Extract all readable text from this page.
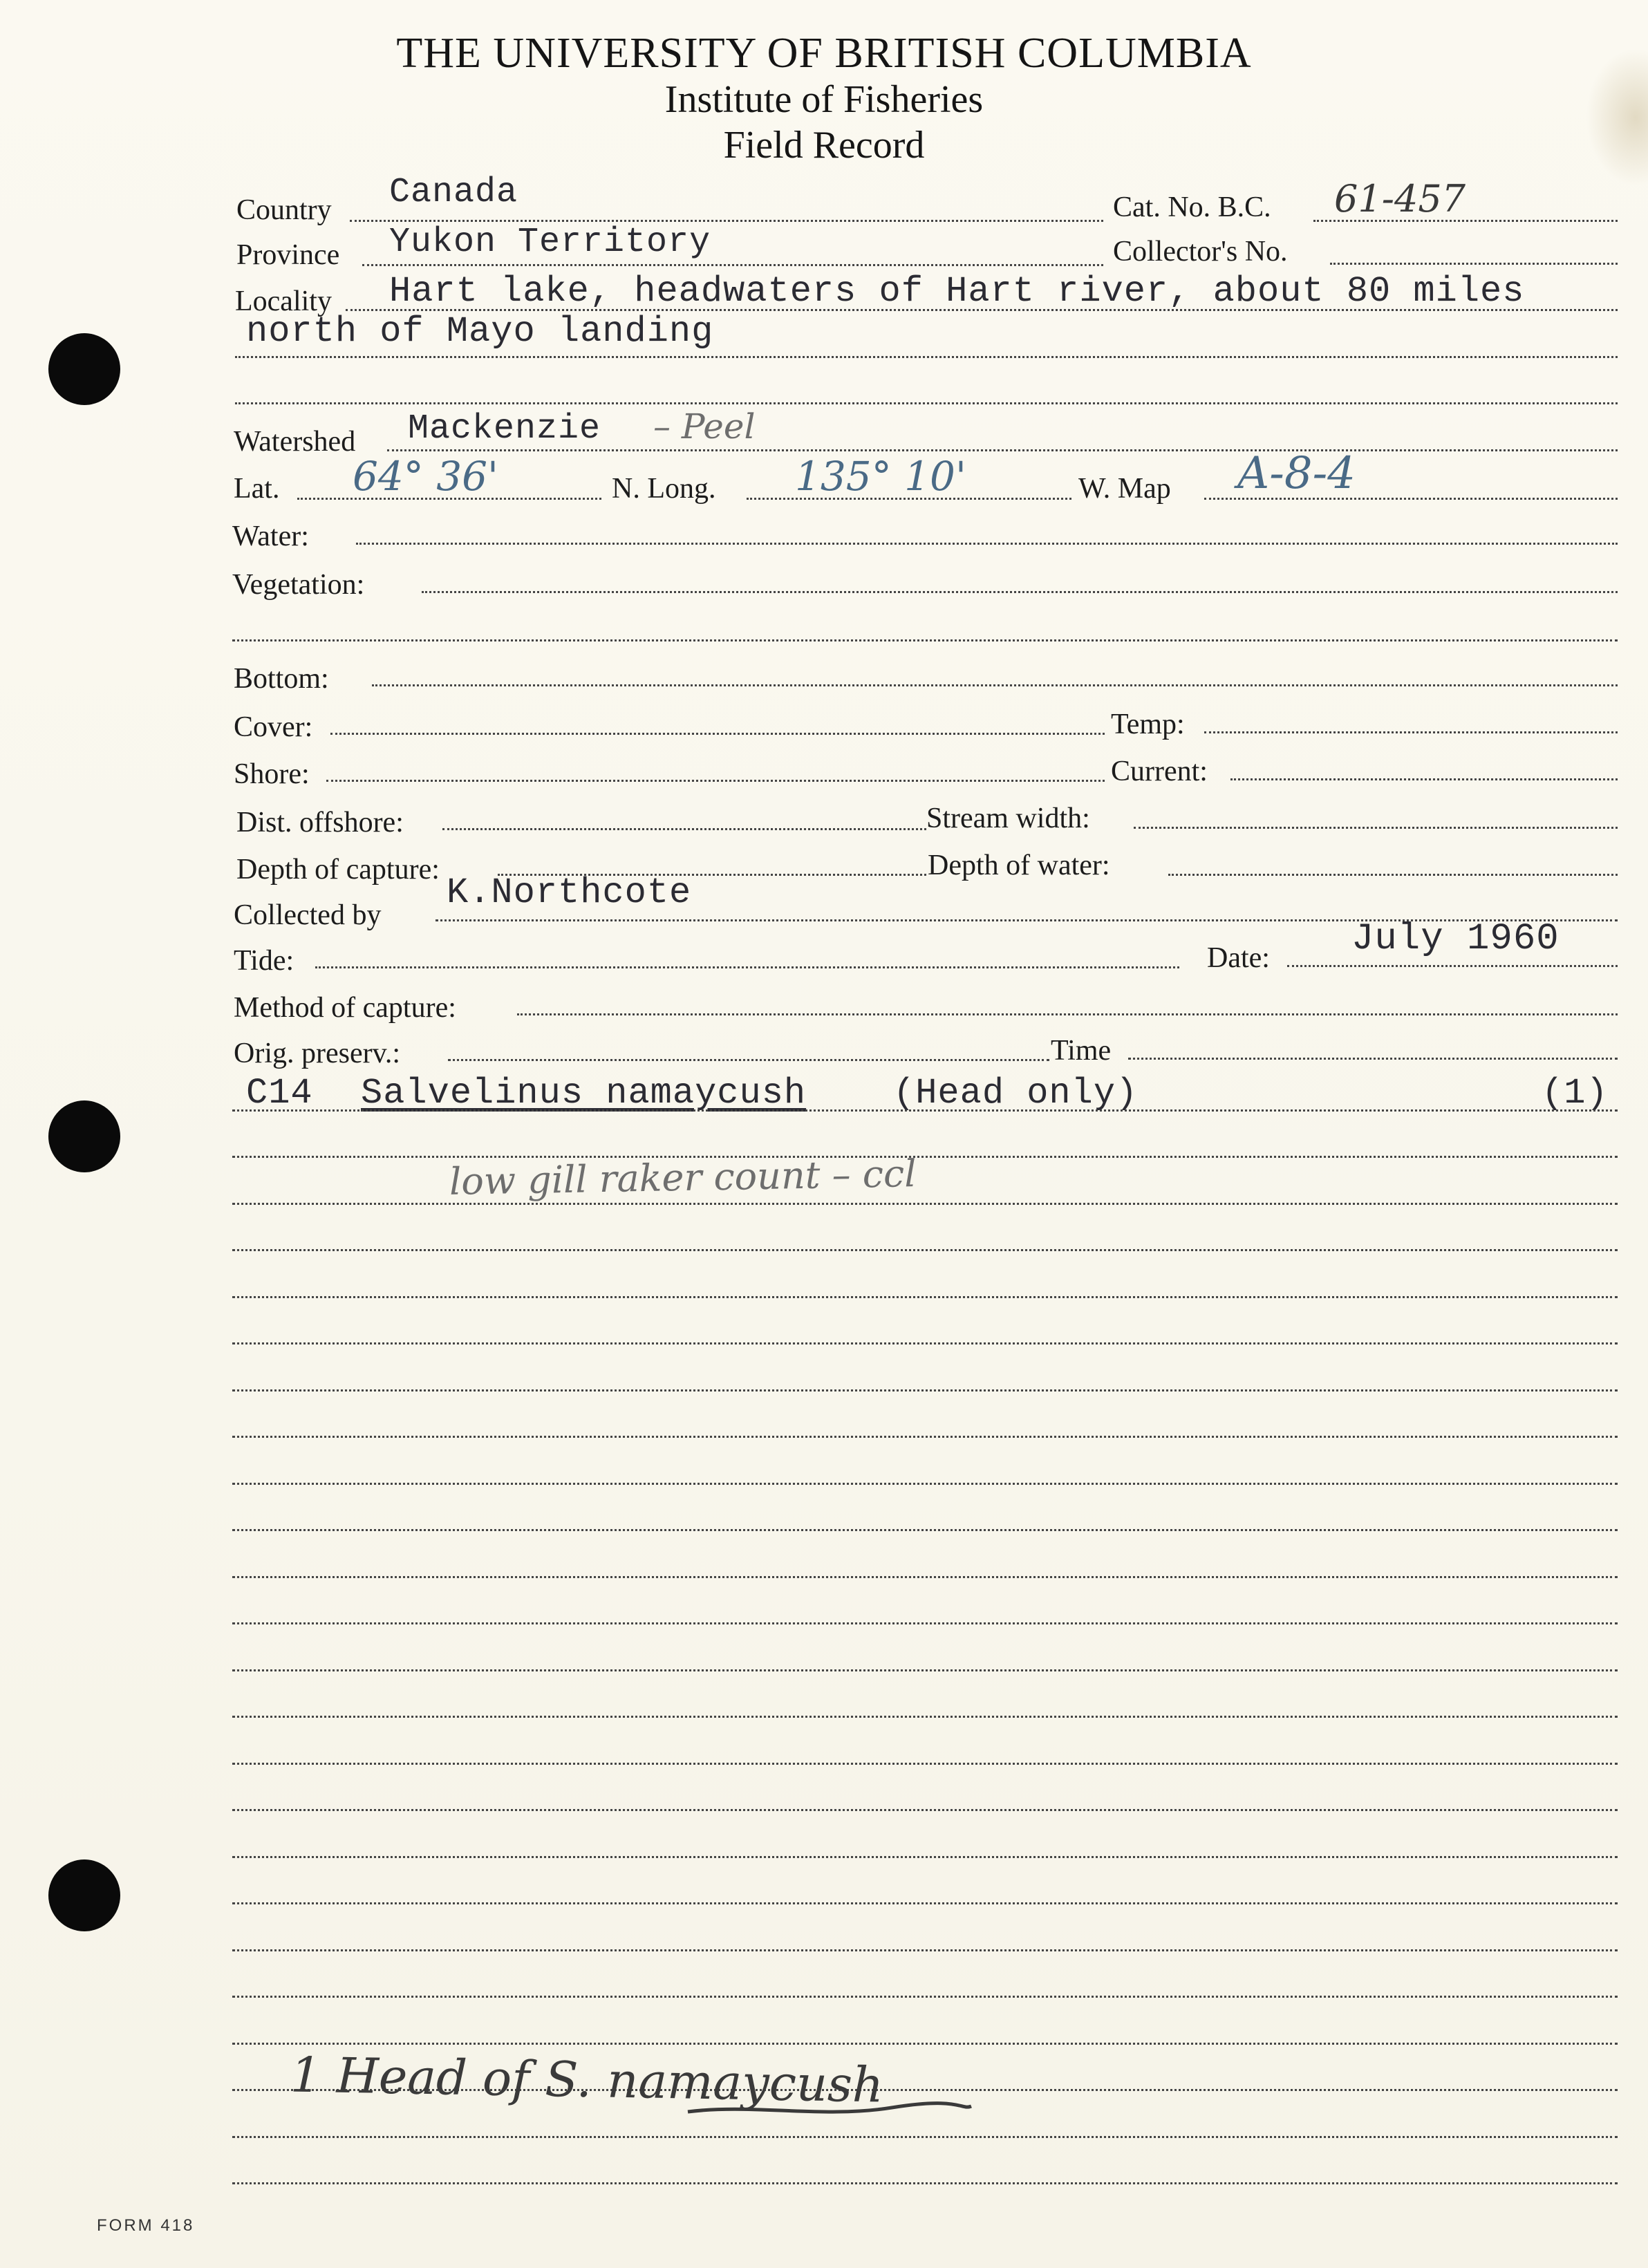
THE UNIVERSITY OF BRITISH COLUMBIA
Institute of Fisheries
Field Record
Country Canada	Cat. No. B.C. 61-457
Province Yukon Territory	Collector's No.
Locality Hart lake, headwaters of Hart river, about 80 miles
north of Mayo landing
Watershed Mackenzie – Peel
Lat. 64° 36'	N. Long. 135° 10'	W. Map A-8-4
Water:
Vegetation:
Bottom:
Cover:	Temp:
Shore:	Current:
Dist. offshore:	Stream width:
Depth of capture:	Depth of water:
Collected by
K.Northcote
Tide:	Date: July 1960
Method of capture:
Orig. preserv.:	Time
C14 Salvelinus namaycush (Head only)	(1)
low gill raker count – ccl
1 Head of S. namaycush
FORM 418
